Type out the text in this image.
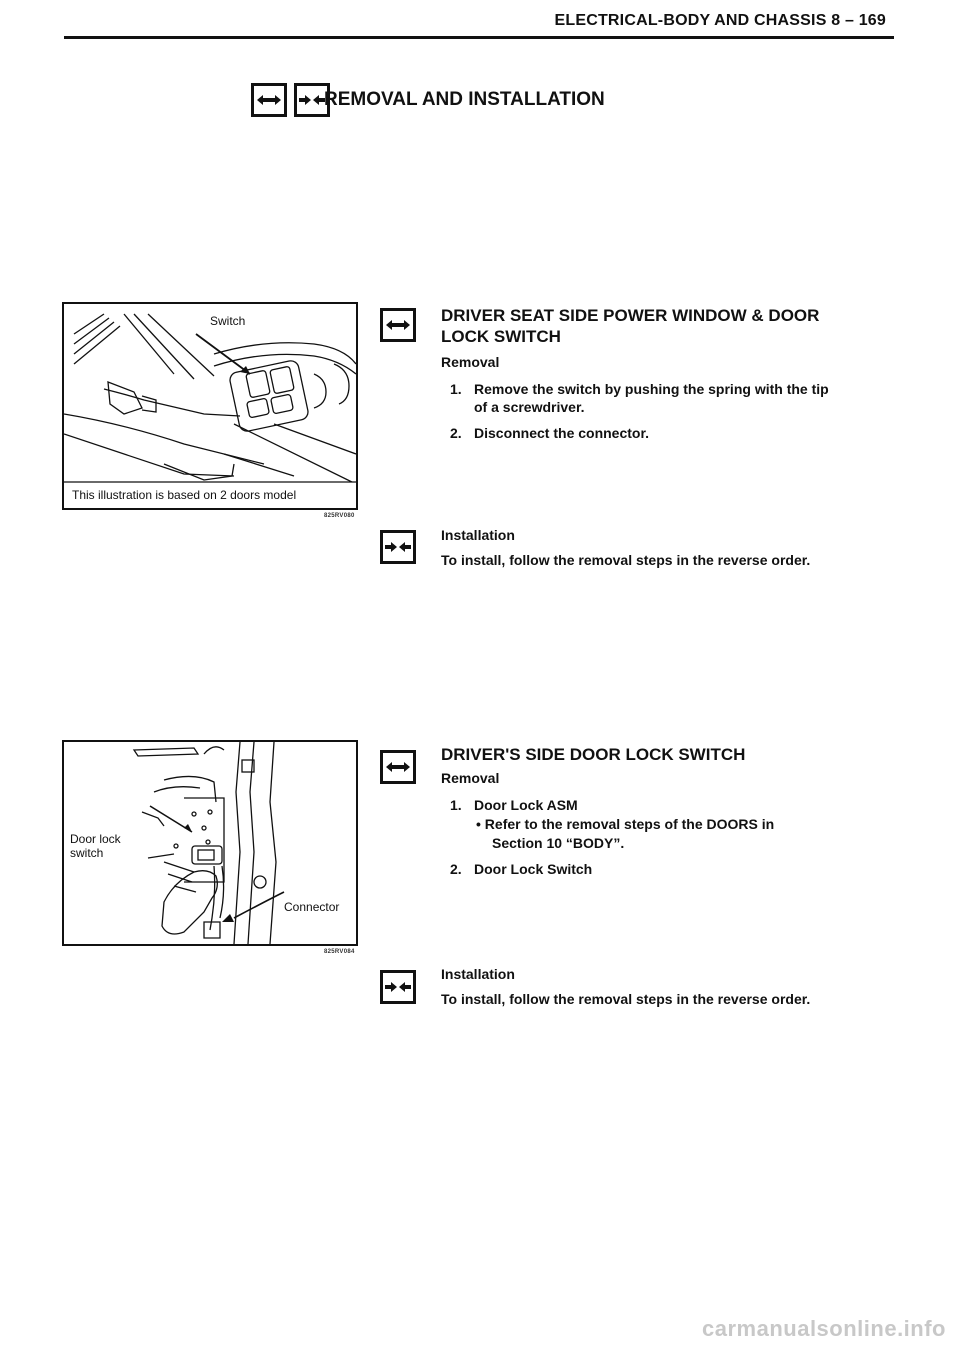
ELECTRICAL-BODY AND CHASSIS 8 – 169
REMOVAL AND INSTALLATION
Switch
This illustration is based on 2 doors model
825RV080
DRIVER SEAT SIDE POWER WINDOW & DOOR
LOCK SWITCH
Removal
1. Remove the switch by pushing the spring with the tip
of a screwdriver.
2. Disconnect the connector.
Installation
To install, follow the removal steps in the reverse order.
Door lock
switch
Connector
825RV084
DRIVER'S SIDE DOOR LOCK SWITCH
Removal
1. Door Lock ASM
• Refer to the removal steps of the DOORS in
Section 10 “BODY”.
2. Door Lock Switch
Installation
To install, follow the removal steps in the reverse order.
carmanualsonline.info
